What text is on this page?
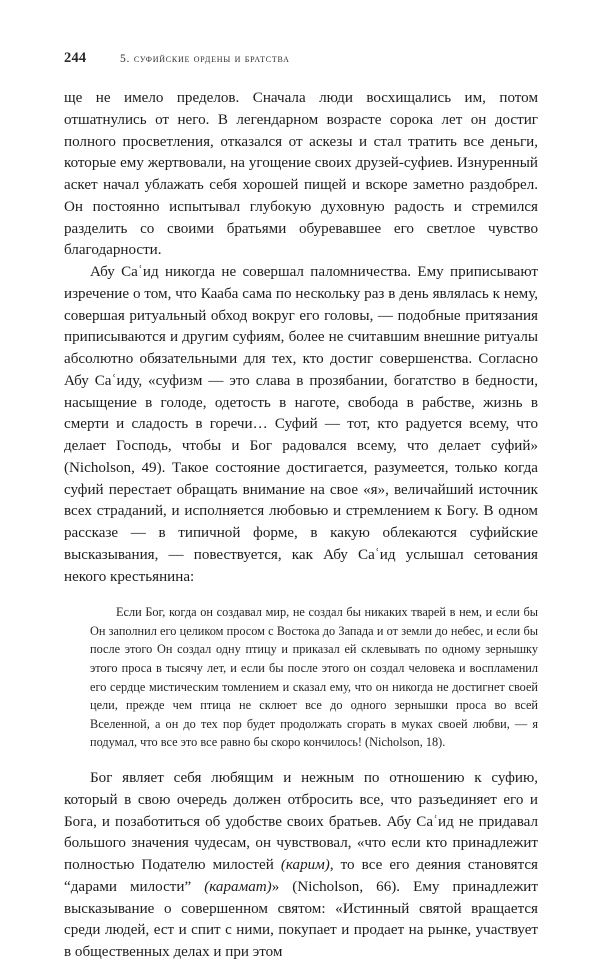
244	5. суфийские ордены и братства

ще не имело пределов. Сначала люди восхищались им, потом отшатнулись от него. В легендарном возрасте сорока лет он достиг полного просветления, отказался от аскезы и стал тратить все деньги, которые ему жертвовали, на угощение своих друзей-суфиев. Изнуренный аскет начал ублажать себя хорошей пищей и вскоре заметно раздобрел. Он постоянно испытывал глубокую духовную радость и стремился разделить со своими братьями обуревавшее его светлое чувство благодарности.

Абу Саʿид никогда не совершал паломничества. Ему приписывают изречение о том, что Кааба сама по нескольку раз в день являлась к нему, совершая ритуальный обход вокруг его головы, — подобные притязания приписываются и другим суфиям, более не считавшим внешние ритуалы абсолютно обязательными для тех, кто достиг совершенства. Согласно Абу Саʿиду, «суфизм — это слава в прозябании, богатство в бедности, насыщение в голоде, одетость в наготе, свобода в рабстве, жизнь в смерти и сладость в горечи… Суфий — тот, кто радуется всему, что делает Господь, чтобы и Бог радовался всему, что делает суфий» (Nicholson, 49). Такое состояние достигается, разумеется, только когда суфий перестает обращать внимание на свое «я», величайший источник всех страданий, и исполняется любовью и стремлением к Богу. В одном рассказе — в типичной форме, в какую облекаются суфийские высказывания, — повествуется, как Абу Саʿид услышал сетования некого крестьянина:

Если Бог, когда он создавал мир, не создал бы никаких тварей в нем, и если бы Он заполнил его целиком просом с Востока до Запада и от земли до небес, и если бы после этого Он создал одну птицу и приказал ей склевывать по одному зернышку этого проса в тысячу лет, и если бы после этого он создал человека и воспламенил его сердце мистическим томлением и сказал ему, что он никогда не достигнет своей цели, прежде чем птица не склюет все до одного зернышки проса во всей Вселенной, а он до тех пор будет продолжать сгорать в муках своей любви, — я подумал, что все это все равно бы скоро кончилось! (Nicholson, 18).

Бог являет себя любящим и нежным по отношению к суфию, который в свою очередь должен отбросить все, что разъединяет его и Бога, и позаботиться об удобстве своих братьев. Абу Саʿид не придавал большого значения чудесам, он чувствовал, «что если кто принадлежит полностью Подателю милостей (карим), то все его деяния становятся “дарами милости” (карамат)» (Nicholson, 66). Ему принадлежит высказывание о совершенном святом: «Истинный святой вращается среди людей, ест и спит с ними, покупает и продает на рынке, участвует в общественных делах и при этом
